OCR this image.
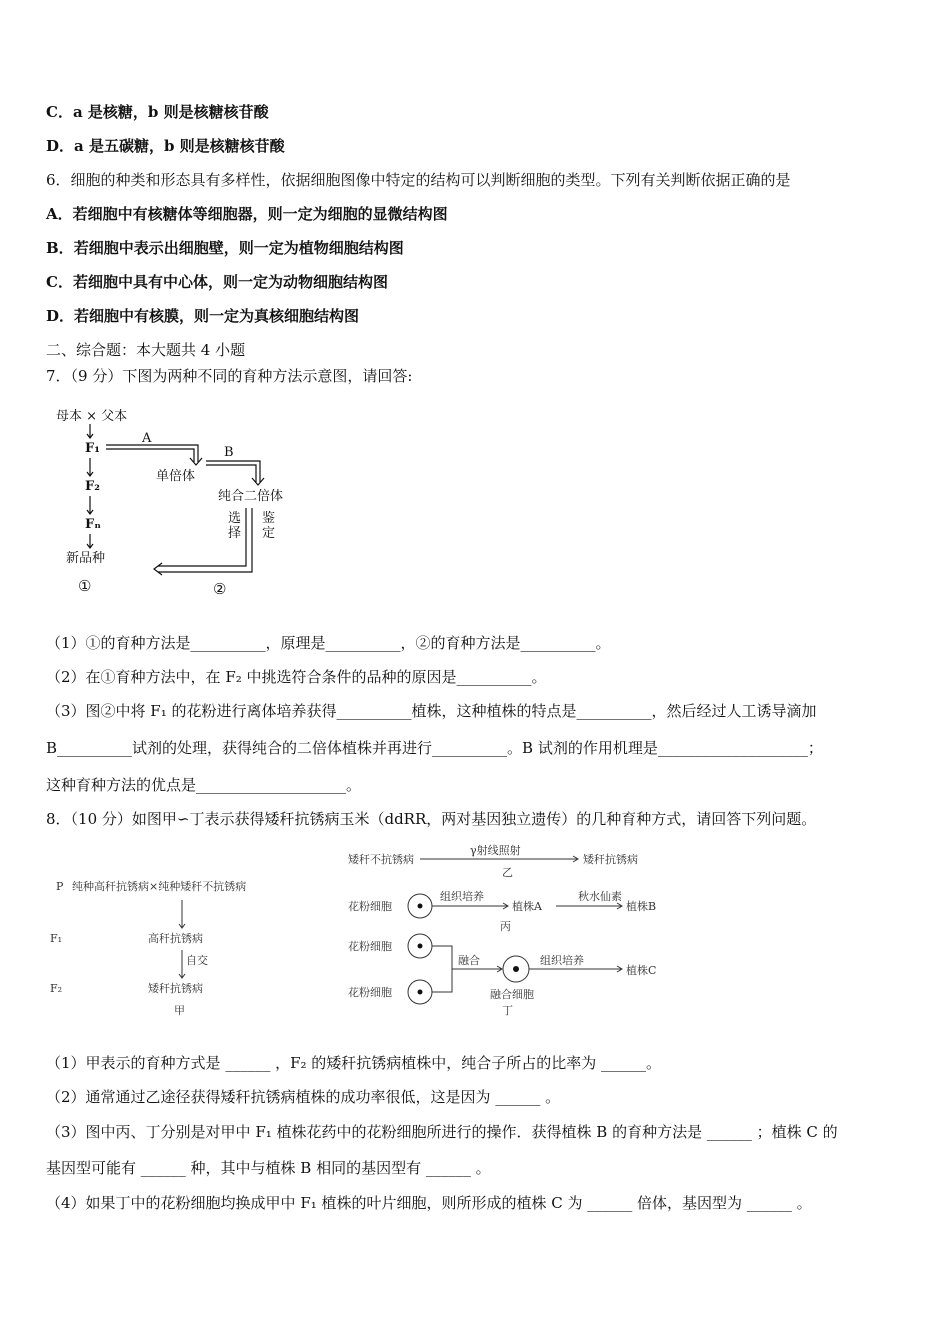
C．a 是核糖，b 则是核糖核苷酸
D．a 是五碳糖，b 则是核糖核苷酸
6．细胞的种类和形态具有多样性，依据细胞图像中特定的结构可以判断细胞的类型。下列有关判断依据正确的是
A．若细胞中有核糖体等细胞器，则一定为细胞的显微结构图
B．若细胞中表示出细胞壁，则一定为植物细胞结构图
C．若细胞中具有中心体，则一定为动物细胞结构图
D．若细胞中有核膜，则一定为真核细胞结构图
二、综合题：本大题共 4 小题
7．（9 分）下图为两种不同的育种方法示意图，请回答:
母本 × 父本
F₁
F₂
Fₙ
新品种
①
A
B
单倍体
纯合二倍体
②
选择
鉴定
（1）①的育种方法是__________，原理是__________，②的育种方法是__________。
（2）在①育种方法中，在 F₂ 中挑选符合条件的品种的原因是__________。
（3）图②中将 F₁ 的花粉进行离体培养获得__________植株，这种植株的特点是__________，然后经过人工诱导滴加
B__________试剂的处理，获得纯合的二倍体植株并再进行__________。B 试剂的作用机理是____________________；
这种育种方法的优点是____________________。
8．（10 分）如图甲∽丁表示获得矮秆抗锈病玉米（ddRR，两对基因独立遗传）的几种育种方式，请回答下列问题。
P 纯种高秆抗锈病×纯种矮秆不抗锈病
F₁	高秆抗锈病
自交
F₂	矮秆抗锈病
甲
矮秆不抗锈病
γ射线照射
矮秆抗锈病
乙
花粉细胞
组织培养
植株A
秋水仙素
植株B
丙
花粉细胞
花粉细胞
融合	组织培养
植株C
融合细胞
丁
（1）甲表示的育种方式是 ______ ，F₂ 的矮秆抗锈病植株中，纯合子所占的比率为 ______。
（2）通常通过乙途径获得矮秆抗锈病植株的成功率很低，这是因为 ______ 。
（3）图中丙、丁分别是对甲中 F₁ 植株花药中的花粉细胞所进行的操作．获得植株 B 的育种方法是 ______ ；植株 C 的
基因型可能有 ______ 种，其中与植株 B 相同的基因型有 ______ 。
（4）如果丁中的花粉细胞均换成甲中 F₁ 植株的叶片细胞，则所形成的植株 C 为 ______ 倍体，基因型为 ______ 。
